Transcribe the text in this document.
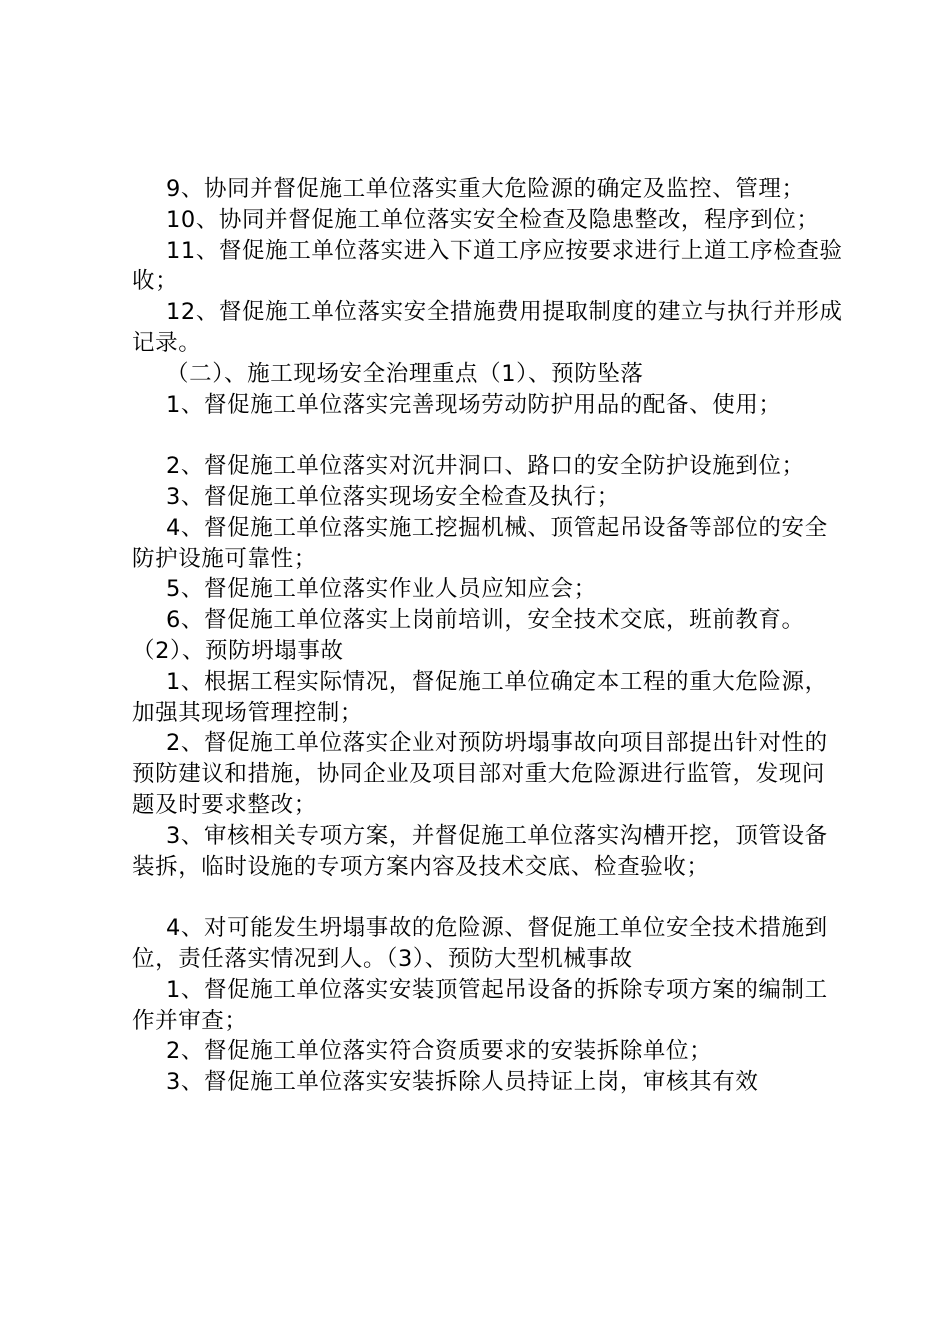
9、协同并督促施工单位落实重大危险源的确定及监控、管理；

10、协同并督促施工单位落实安全检查及隐患整改，程序到位；

11、督促施工单位落实进入下道工序应按要求进行上道工序检查验收；

12、督促施工单位落实安全措施费用提取制度的建立与执行并形成记录。

（二）、施工现场安全治理重点（1）、预防坠落

1、督促施工单位落实完善现场劳动防护用品的配备、使用；

2、督促施工单位落实对沉井洞口、路口的安全防护设施到位；

3、督促施工单位落实现场安全检查及执行；

4、督促施工单位落实施工挖掘机械、顶管起吊设备等部位的安全防护设施可靠性；

5、督促施工单位落实作业人员应知应会；

6、督促施工单位落实上岗前培训，安全技术交底，班前教育。（2）、预防坍塌事故

1、根据工程实际情况，督促施工单位确定本工程的重大危险源，加强其现场管理控制；

2、督促施工单位落实企业对预防坍塌事故向项目部提出针对性的预防建议和措施，协同企业及项目部对重大危险源进行监管，发现问题及时要求整改；

3、审核相关专项方案，并督促施工单位落实沟槽开挖，顶管设备装拆，临时设施的专项方案内容及技术交底、检查验收；

4、对可能发生坍塌事故的危险源、督促施工单位安全技术措施到位，责任落实情况到人。（3）、预防大型机械事故

1、督促施工单位落实安装顶管起吊设备的拆除专项方案的编制工作并审查；

2、督促施工单位落实符合资质要求的安装拆除单位；

3、督促施工单位落实安装拆除人员持证上岗，审核其有效
